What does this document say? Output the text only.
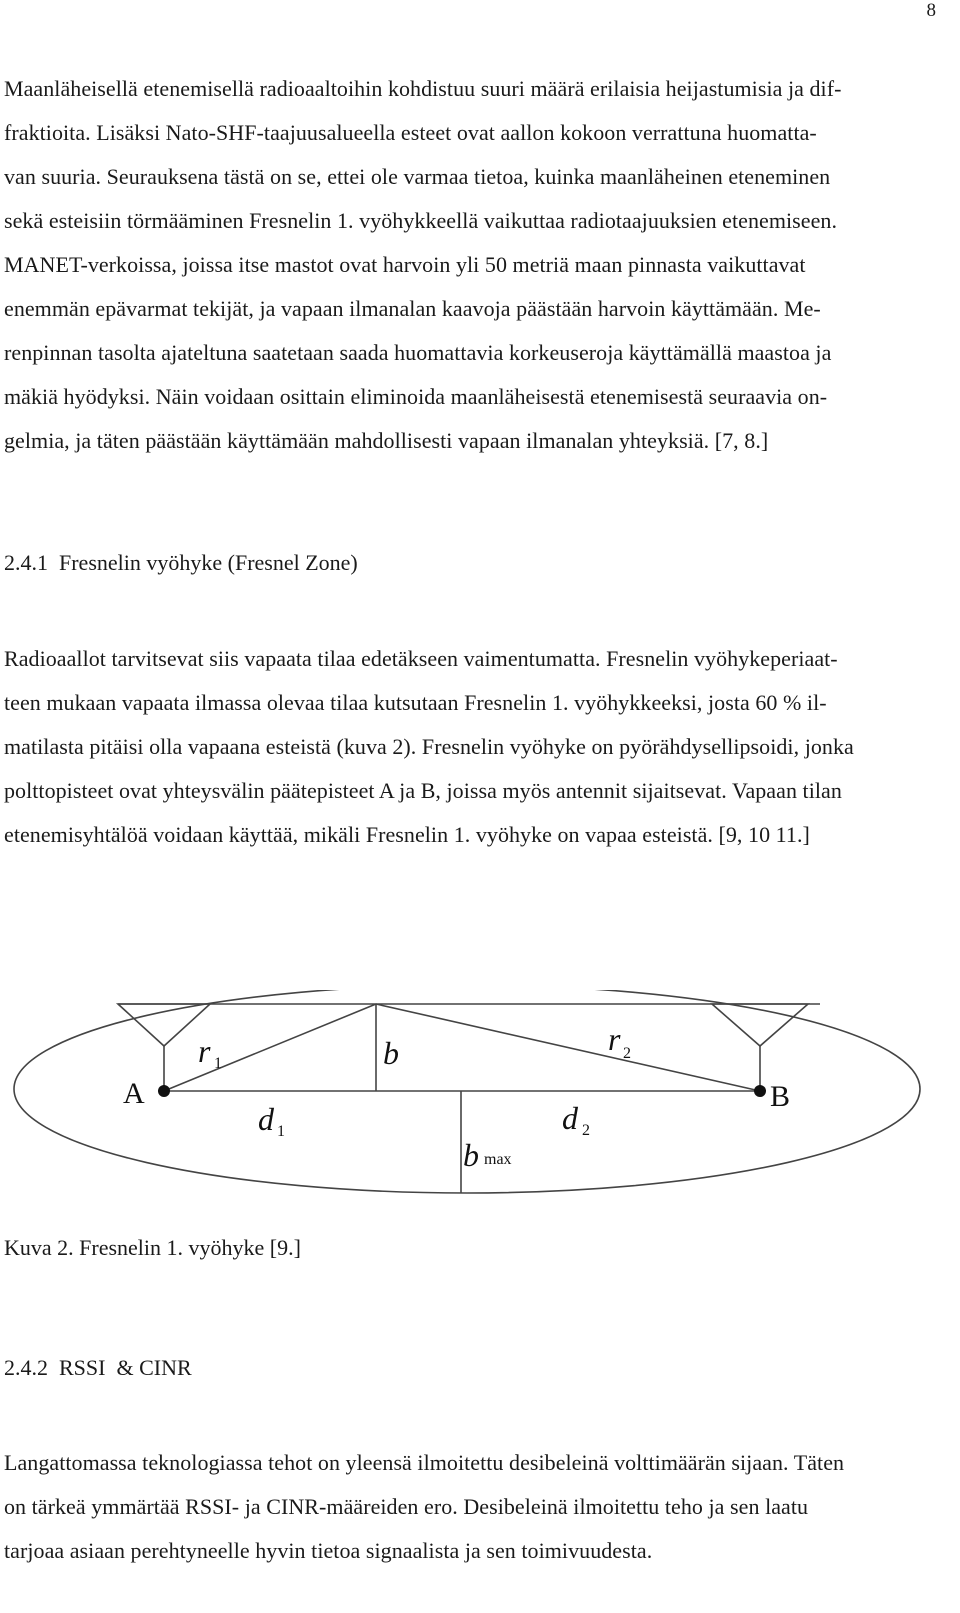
8
Maanläheisellä etenemisellä radioaaltoihin kohdistuu suuri määrä erilaisia heijastumisia ja dif-
fraktioita. Lisäksi Nato-SHF-taajuusalueella esteet ovat aallon kokoon verrattuna huomatta-
van suuria. Seurauksena tästä on se, ettei ole varmaa tietoa, kuinka maanläheinen eteneminen
sekä esteisiin törmääminen Fresnelin 1. vyöhykkeellä vaikuttaa radiotaajuuksien etenemiseen.
MANET-verkoissa, joissa itse mastot ovat harvoin yli 50 metriä maan pinnasta vaikuttavat
enemmän epävarmat tekijät, ja vapaan ilmanalan kaavoja päästään harvoin käyttämään. Me-
renpinnan tasolta ajateltuna saatetaan saada huomattavia korkeuseroja käyttämällä maastoa ja
mäkiä hyödyksi. Näin voidaan osittain eliminoida maanläheisestä etenemisestä seuraavia on-
gelmia, ja täten päästään käyttämään mahdollisesti vapaan ilmanalan yhteyksiä. [7, 8.]
2.4.1  Fresnelin vyöhyke (Fresnel Zone)
Radioaallot tarvitsevat siis vapaata tilaa edetäkseen vaimentumatta. Fresnelin vyöhykeperiaat-
teen mukaan vapaata ilmassa olevaa tilaa kutsutaan Fresnelin 1. vyöhykkeeksi, josta 60 % il-
matilasta pitäisi olla vapaana esteistä (kuva 2). Fresnelin vyöhyke on pyörähdysellipsoidi, jonka
polttopisteet ovat yhteysvälin päätepisteet A ja B, joissa myös antennit sijaitsevat. Vapaan tilan
etenemisyhtälöä voidaan käyttää, mikäli Fresnelin 1. vyöhyke on vapaa esteistä. [9, 10 11.]
A	B
r 1	b	r 2
d 1	d 2
b max
Kuva 2. Fresnelin 1. vyöhyke [9.]
2.4.2  RSSI  & CINR
Langattomassa teknologiassa tehot on yleensä ilmoitettu desibeleinä volttimäärän sijaan. Täten
on tärkeä ymmärtää RSSI- ja CINR-määreiden ero. Desibeleinä ilmoitettu teho ja sen laatu
tarjoaa asiaan perehtyneelle hyvin tietoa signaalista ja sen toimivuudesta.
